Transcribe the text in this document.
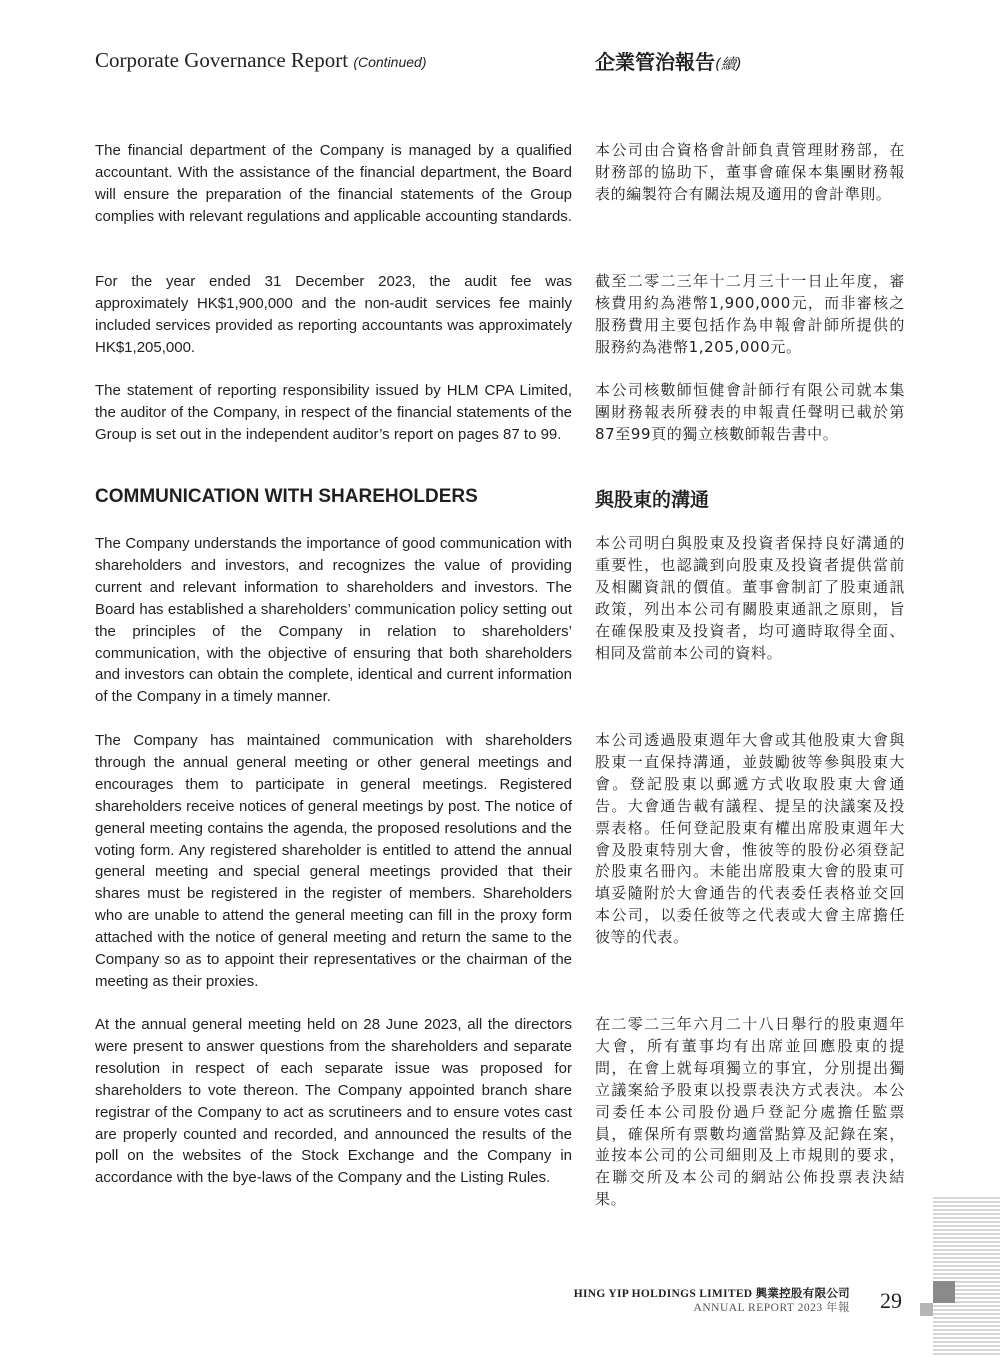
Corporate Governance Report (Continued)	企業管治報告(續)

The financial department of the Company is managed by a qualified accountant. With the assistance of the financial department, the Board will ensure the preparation of the financial statements of the Group complies with relevant regulations and applicable accounting standards.

本公司由合資格會計師負責管理財務部，在財務部的協助下，董事會確保本集團財務報表的編製符合有關法規及適用的會計準則。

For the year ended 31 December 2023, the audit fee was approximately HK$1,900,000 and the non-audit services fee mainly included services provided as reporting accountants was approximately HK$1,205,000.

截至二零二三年十二月三十一日止年度，審核費用約為港幣1,900,000元，而非審核之服務費用主要包括作為申報會計師所提供的服務約為港幣1,205,000元。

The statement of reporting responsibility issued by HLM CPA Limited, the auditor of the Company, in respect of the financial statements of the Group is set out in the independent auditor’s report on pages 87 to 99.

本公司核數師恒健會計師行有限公司就本集團財務報表所發表的申報責任聲明已載於第87至99頁的獨立核數師報告書中。

COMMUNICATION WITH SHAREHOLDERS	與股東的溝通

The Company understands the importance of good communication with shareholders and investors, and recognizes the value of providing current and relevant information to shareholders and investors. The Board has established a shareholders’ communication policy setting out the principles of the Company in relation to shareholders’ communication, with the objective of ensuring that both shareholders and investors can obtain the complete, identical and current information of the Company in a timely manner.

本公司明白與股東及投資者保持良好溝通的重要性，也認識到向股東及投資者提供當前及相關資訊的價值。董事會制訂了股東通訊政策，列出本公司有關股東通訊之原則，旨在確保股東及投資者，均可適時取得全面、相同及當前本公司的資料。

The Company has maintained communication with shareholders through the annual general meeting or other general meetings and encourages them to participate in general meetings. Registered shareholders receive notices of general meetings by post. The notice of general meeting contains the agenda, the proposed resolutions and the voting form. Any registered shareholder is entitled to attend the annual general meeting and special general meetings provided that their shares must be registered in the register of members. Shareholders who are unable to attend the general meeting can fill in the proxy form attached with the notice of general meeting and return the same to the Company so as to appoint their representatives or the chairman of the meeting as their proxies.

本公司透過股東週年大會或其他股東大會與股東一直保持溝通，並鼓勵彼等參與股東大會。登記股東以郵遞方式收取股東大會通告。大會通告載有議程、提呈的決議案及投票表格。任何登記股東有權出席股東週年大會及股東特別大會，惟彼等的股份必須登記於股東名冊內。未能出席股東大會的股東可填妥隨附於大會通告的代表委任表格並交回本公司，以委任彼等之代表或大會主席擔任彼等的代表。

At the annual general meeting held on 28 June 2023, all the directors were present to answer questions from the shareholders and separate resolution in respect of each separate issue was proposed for shareholders to vote thereon. The Company appointed branch share registrar of the Company to act as scrutineers and to ensure votes cast are properly counted and recorded, and announced the results of the poll on the websites of the Stock Exchange and the Company in accordance with the bye-laws of the Company and the Listing Rules.

在二零二三年六月二十八日舉行的股東週年大會，所有董事均有出席並回應股東的提問，在會上就每項獨立的事宜，分別提出獨立議案給予股東以投票表決方式表決。本公司委任本公司股份過戶登記分處擔任監票員，確保所有票數均適當點算及記錄在案，並按本公司的公司細則及上市規則的要求，在聯交所及本公司的網站公佈投票表決結果。

HING YIP HOLDINGS LIMITED 興業控股有限公司
ANNUAL REPORT 2023 年報 29
